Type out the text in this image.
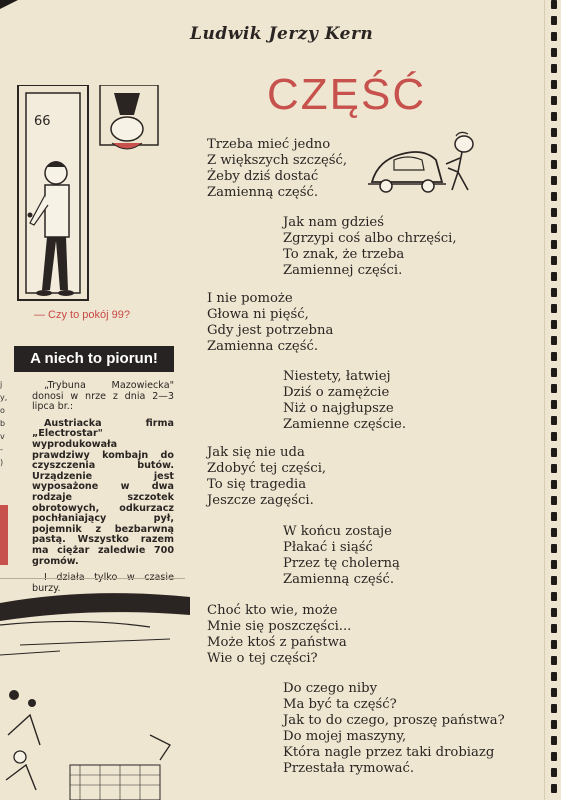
Ludwik Jerzy Kern
CZĘŚĆ
66
— Czy to pokój 99?
j
y,
o
b
v
-
)
A niech to piorun!

„Trybuna Mazowiecka" donosi w nrze z dnia 2—3 lipca br.:

Austriacka firma „Electrostar" wyprodukowała prawdziwy kombajn do czyszczenia butów. Urządzenie jest wyposażone w dwa rodzaje szczotek obrotowych, odkurzacz pochłaniający pył, pojemnik z bezbarwną pastą. Wszystko razem ma ciężar zaledwie 700 gromów.

burzy.

Trzeba mieć jedno
Z większych szczęść,
Żeby dziś dostać
Zamienną część.
Jak nam gdzieś
Zgrzypi coś albo chrzęści,
To znak, że trzeba
Zamiennej części.
I nie pomoże
Głowa ni pięść,
Gdy jest potrzebna
Zamienna część.
Niestety, łatwiej
Dziś o zamężcie
Niż o najgłupsze
Zamienne częście.
Jak się nie uda
Zdobyć tej części,
To się tragedia
Jeszcze zagęści.
W końcu zostaje
Płakać i siąść
Przez tę cholerną
Zamienną część.
Choć kto wie, może
Mnie się poszczęści...
Może ktoś z państwa
Wie o tej części?
Do czego niby
Ma być ta część?
Jak to do czego, proszę państwa?
Do mojej maszyny,
Która nagle przez taki drobiazg
Przestała rymować.
